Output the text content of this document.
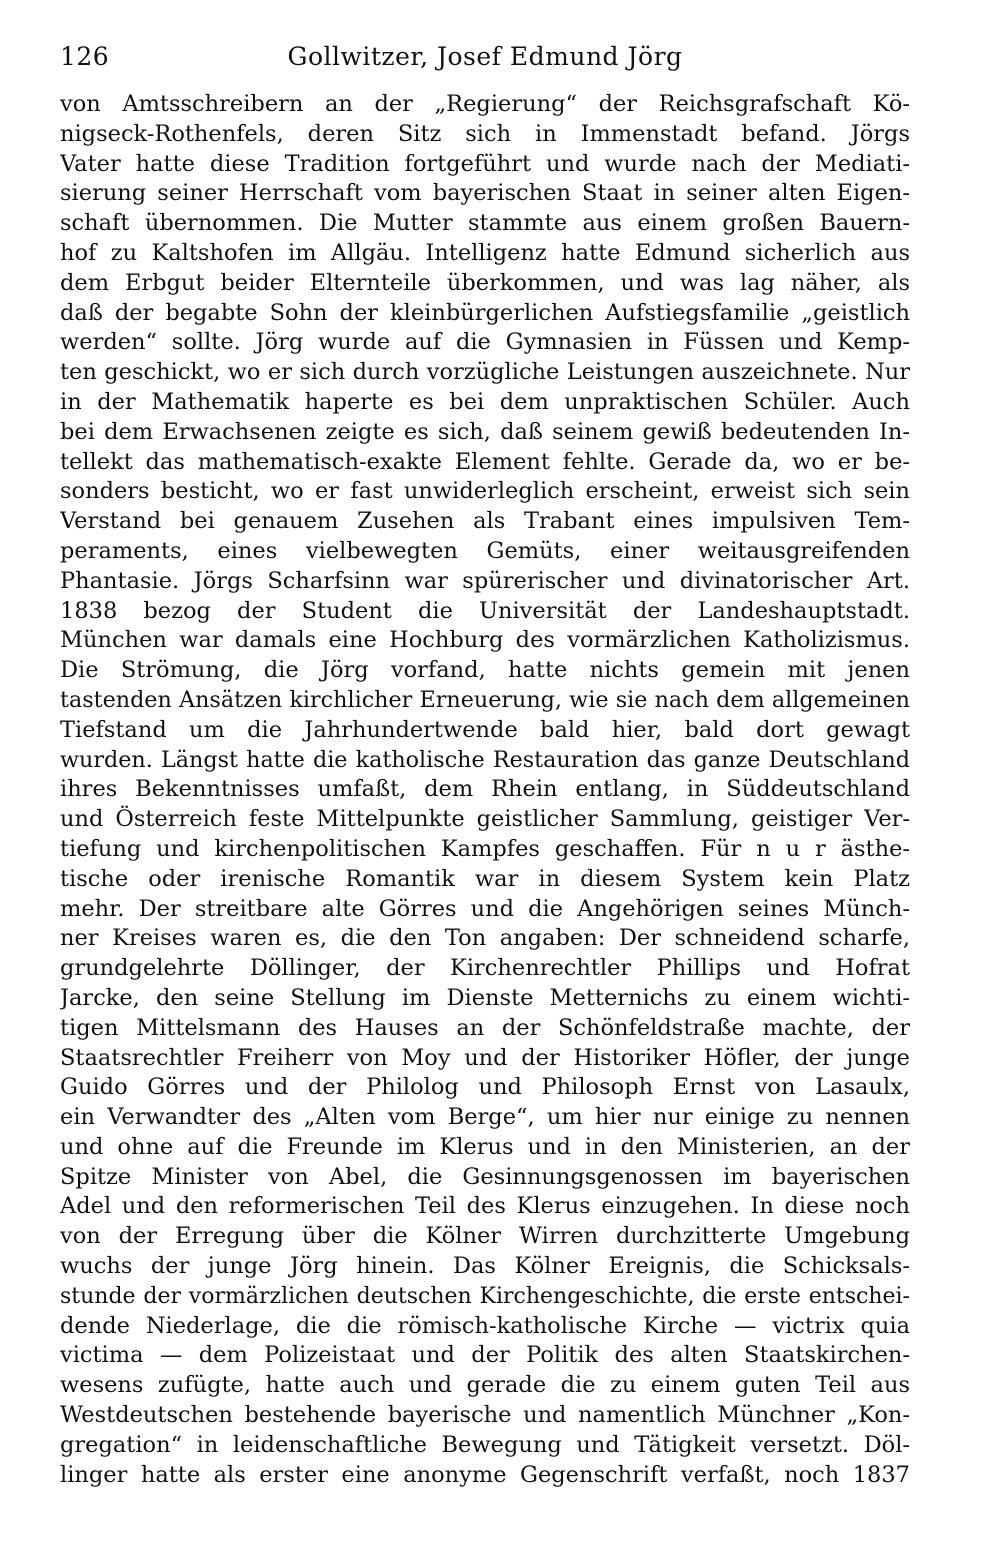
126	Gollwitzer, Josef Edmund Jörg
von Amtsschreibern an der „Regierung“ der Reichsgrafschaft Kö-
nigseck-Rothenfels, deren Sitz sich in Immenstadt befand. Jörgs
Vater hatte diese Tradition fortgeführt und wurde nach der Mediati-
sierung seiner Herrschaft vom bayerischen Staat in seiner alten Eigen-
schaft übernommen. Die Mutter stammte aus einem großen Bauern-
hof zu Kaltshofen im Allgäu. Intelligenz hatte Edmund sicherlich aus
dem Erbgut beider Elternteile überkommen, und was lag näher, als
daß der begabte Sohn der kleinbürgerlichen Aufstiegsfamilie „geistlich
werden“ sollte. Jörg wurde auf die Gymnasien in Füssen und Kemp-
ten geschickt, wo er sich durch vorzügliche Leistungen auszeichnete. Nur
in der Mathematik haperte es bei dem unpraktischen Schüler. Auch
bei dem Erwachsenen zeigte es sich, daß seinem gewiß bedeutenden In-
tellekt das mathematisch-exakte Element fehlte. Gerade da, wo er be-
sonders besticht, wo er fast unwiderleglich erscheint, erweist sich sein
Verstand bei genauem Zusehen als Trabant eines impulsiven Tem-
peraments, eines vielbewegten Gemüts, einer weitausgreifenden
Phantasie. Jörgs Scharfsinn war spürerischer und divinatorischer Art.
1838 bezog der Student die Universität der Landeshauptstadt.
München war damals eine Hochburg des vormärzlichen Katholizismus.
Die Strömung, die Jörg vorfand, hatte nichts gemein mit jenen
tastenden Ansätzen kirchlicher Erneuerung, wie sie nach dem allgemeinen
Tiefstand um die Jahrhundertwende bald hier, bald dort gewagt
wurden. Längst hatte die katholische Restauration das ganze Deutschland
ihres Bekenntnisses umfaßt, dem Rhein entlang, in Süddeutschland
und Österreich feste Mittelpunkte geistlicher Sammlung, geistiger Ver-
tiefung und kirchenpolitischen Kampfes geschaffen. Für n u r ästhe-
tische oder irenische Romantik war in diesem System kein Platz
mehr. Der streitbare alte Görres und die Angehörigen seines Münch-
ner Kreises waren es, die den Ton angaben: Der schneidend scharfe,
grundgelehrte Döllinger, der Kirchenrechtler Phillips und Hofrat
Jarcke, den seine Stellung im Dienste Metternichs zu einem wichti-
tigen Mittelsmann des Hauses an der Schönfeldstraße machte, der
Staatsrechtler Freiherr von Moy und der Historiker Höfler, der junge
Guido Görres und der Philolog und Philosoph Ernst von Lasaulx,
ein Verwandter des „Alten vom Berge“, um hier nur einige zu nennen
und ohne auf die Freunde im Klerus und in den Ministerien, an der
Spitze Minister von Abel, die Gesinnungsgenossen im bayerischen
Adel und den reformerischen Teil des Klerus einzugehen. In diese noch
von der Erregung über die Kölner Wirren durchzitterte Umgebung
wuchs der junge Jörg hinein. Das Kölner Ereignis, die Schicksals-
stunde der vormärzlichen deutschen Kirchengeschichte, die erste entschei-
dende Niederlage, die die römisch-katholische Kirche — victrix quia
victima — dem Polizeistaat und der Politik des alten Staatskirchen-
wesens zufügte, hatte auch und gerade die zu einem guten Teil aus
Westdeutschen bestehende bayerische und namentlich Münchner „Kon-
gregation“ in leidenschaftliche Bewegung und Tätigkeit versetzt. Döl-
linger hatte als erster eine anonyme Gegenschrift verfaßt, noch 1837
